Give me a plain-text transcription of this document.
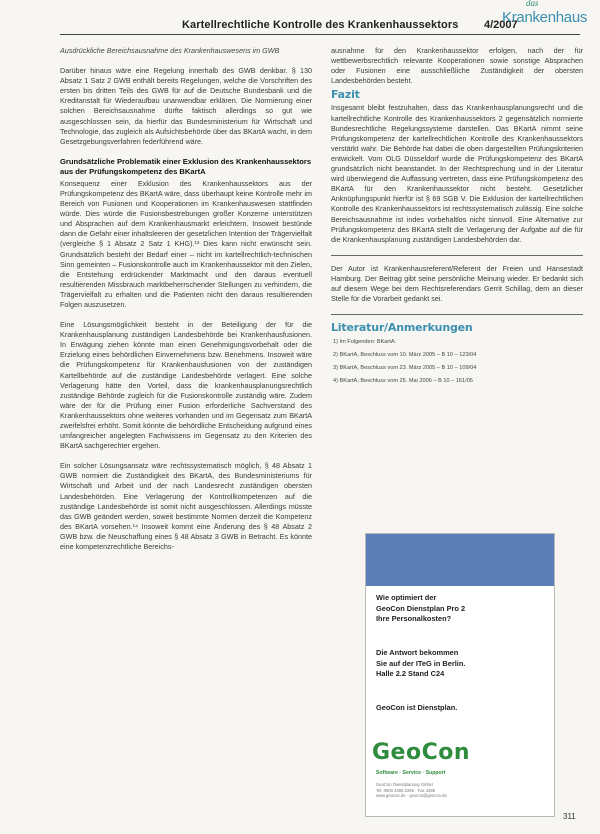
Kartellrechtliche Kontrolle des Krankenhaussektors 4/2007
das
Krankenhaus

Ausdrückliche Bereichsausnahme des Krankenhauswesens im GWB

Darüber hinaus wäre eine Regelung innerhalb des GWB denkbar. § 130 Absatz 1 Satz 2 GWB enthält bereits Regelungen, welche die Vorschriften des ersten bis dritten Teils des GWB für auf die Deutsche Bundesbank und die Kreditanstalt für Wiederaufbau unanwendbar erklären. Die Normierung einer solchen Bereichsausnahme dürfte faktisch allerdings so gut wie ausgeschlossen sein, da hierfür das Bundesministerium für Wirtschaft und Technologie, das zugleich als Aufsichtsbehörde über das BKartA wacht, in dem Gesetzgebungsverfahren federführend wäre.

Grundsätzliche Problematik einer Exklusion des Krankenhaussektors aus der Prüfungskompetenz des BKartA

Konsequenz einer Exklusion des Krankenhaussektors aus der Prüfungskompetenz des BKartA wäre, dass überhaupt keine Kontrolle mehr im Bereich von Fusionen und Kooperationen im Krankenhauswesen stattfinden würde. Dies würde die Fusionsbestrebungen großer Konzerne unterstützen und Absprachen auf dem Krankenhausmarkt erleichtern. Insoweit bestünde dann die Gefahr einer inhaltsleeren der gesetzlichen Intention der Trägervielfalt (vergleiche § 1 Absatz 2 Satz 1 KHG).¹³ Dies kann nicht erwünscht sein. Grundsätzlich besteht der Bedarf einer – nicht im kartellrechtlich-technischen Sinn gemeinten – Fusionskontrolle auch im Krankenhaussektor mit den Zielen, die Entstehung erdrückender Marktmacht und den daraus eventuell resultierenden Missbrauch marktbeherrschender Stellungen zu verhindern, die Trägervielfalt zu erhalten und die Patienten nicht den daraus resultierenden Folgen auszusetzen.

Eine Lösungsmöglichkeit besteht in der Beteiligung der für die Krankenhausplanung zuständigen Landesbehörde bei Krankenhausfusionen. In Erwägung ziehen könnte man einen Genehmigungsvorbehalt oder die Erzielung eines behördlichen Einvernehmens bzw. Benehmens. Insoweit wäre die Prüfungskompetenz für Krankenhausfusionen von der zuständigen Kartellbehörde auf die zuständige Landesbehörde verlagert. Eine solche Verlagerung hätte den Vorteil, dass die krankenhausplanungsrechtlich zuständige Behörde zugleich für die Fusionskontrolle zuständig wäre. Zudem wäre der für die Prüfung einer Fusion erforderliche Sachverstand des Krankenhaussektors ohne weiteres vorhanden und im Gegensatz zum BKartA zweifelsfrei erhöht. Somit könnte die behördliche Entscheidung aufgrund eines umfangreicher angelegten Fachwissens im Gegensatz zu den Kriterien des BKartA sachgerechter ergehen.

Ein solcher Lösungsansatz wäre rechtssystematisch möglich, § 48 Absatz 1 GWB normiert die Zuständigkeit des BKartA, des Bundesministeriums für Wirtschaft und Arbeit und der nach Landesrecht zuständigen obersten Landesbehörden. Eine Verlagerung der Kontrollkompetenzen auf die zuständige Landesbehörde ist somit nicht ausgeschlossen. Allerdings müsste das GWB geändert werden, soweit bestimmte Normen derzeit die Kompetenz des BKartA vorsehen.¹⁴ Insoweit kommt eine Änderung des § 48 Absatz 2 GWB bzw. die Neuschaffung eines § 48 Absatz 3 GWB in Betracht. Es könnte eine kompetenzrechtliche Bereichs-

ausnahme für den Krankenhaussektor erfolgen, nach der für wettbewerbsrechtlich relevante Kooperationen sowie sonstige Absprachen oder Fusionen eine ausschließliche Zuständigkeit der obersten Landesbehörden besteht.

Fazit

Insgesamt bleibt festzuhalten, dass das Krankenhausplanungsrecht und die kartellrechtliche Kontrolle des Krankenhaussektors 2 gegensätzlich normierte Bundesrechtliche Regelungssysteme darstellen. Das BKartA nimmt seine Prüfungskompetenz der kartellrechtlichen Kontrolle des Krankenhaussektors verstärkt wahr. Die Behörde hat dabei die oben dargestellten Prüfungskriterien entwickelt. Vom OLG Düsseldorf wurde die Prüfungskompetenz des BKartA grundsätzlich nicht beanstandet. In der Rechtsprechung und in der Literatur wird überwiegend die Auffassung vertreten, dass eine Prüfungskompetenz des BKartA für den Krankenhaussektor nicht besteht. Gesetzlicher Anknüpfungspunkt hierfür ist § 69 SGB V. Die Exklusion der kartellrechtlichen Kontrolle des Krankenhaussektors ist rechtssystematisch zulässig. Eine solche Bereichsausnahme ist indes vorbehaltlos nicht sinnvoll. Eine Alternative zur Prüfungskompetenz des BKartA stellt die Verlagerung der Aufgabe auf die für die Krankenhausplanung zuständigen Landesbehörden dar.

Der Autor ist Krankenhausreferent/Referent der Freien und Hansestadt Hamburg. Der Beitrag gibt seine persönliche Meinung wieder. Er bedankt sich auf diesem Wege bei dem Rechtsreferendars Gerrit Schillag, dem an dieser Stelle für die Vorarbeit gedankt sei.

Literatur/Anmerkungen
1) Im Folgenden: BKartA.
2) BKartA, Beschluss vom 10. März 2005 – B 10 – 123/04
3) BKartA, Beschluss vom 23. März 2005 – B 10 – 109/04
4) BKartA, Beschluss vom 25. Mai 2006 – B 10 – 161/05
Wie optimiert der
GeoCon Dienstplan Pro 2
Ihre Personalkosten?
Die Antwort bekommen
Sie auf der ITeG in Berlin.
Halle 2.2 Stand C24
GeoCon ist Dienstplan.
GeoCon
Software · Service · Support
GeoCon Dienstplanung GmbH
Tel. 0800 4365 0266 · Fax 4365
www.geocon.de · geocon@geocon.de
311
